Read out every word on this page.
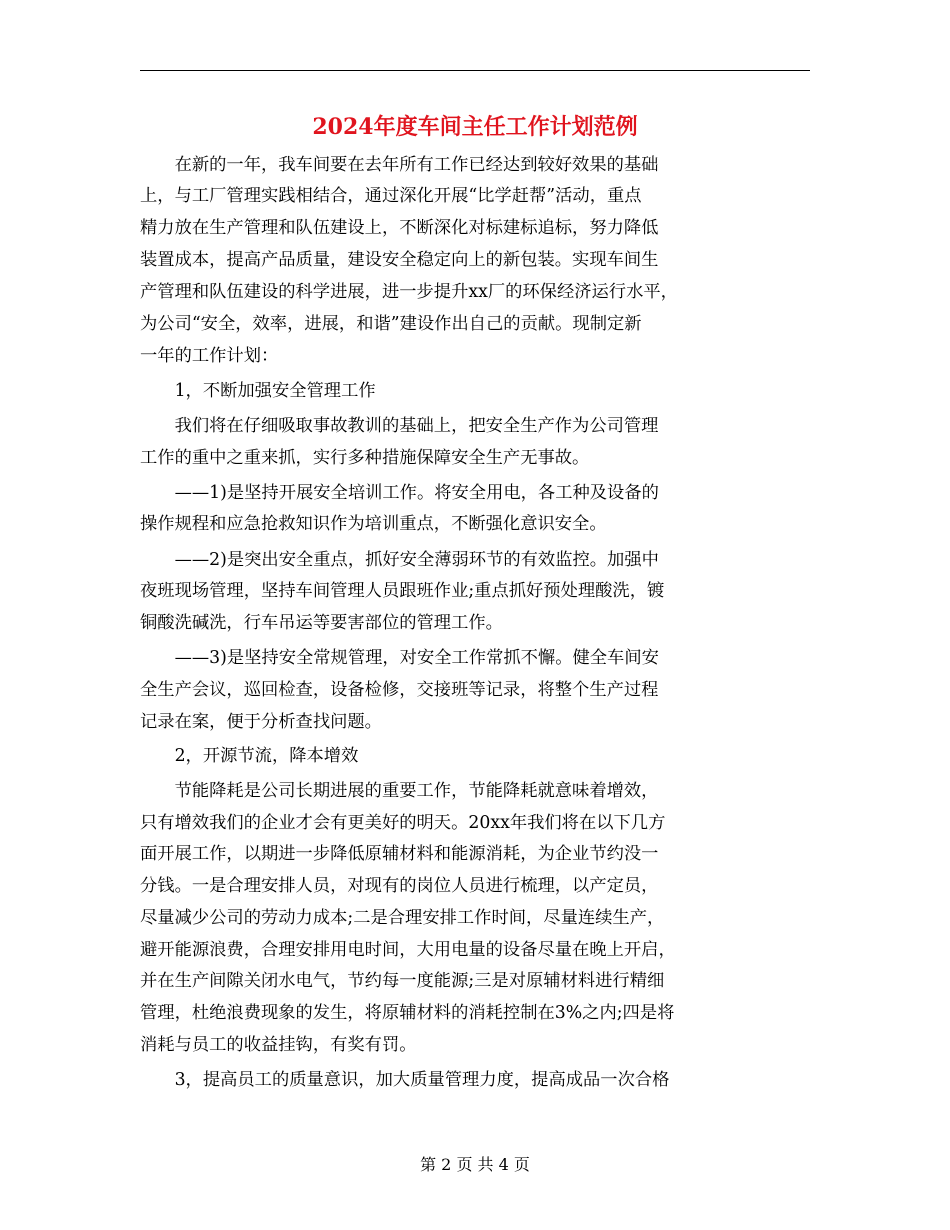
2024年度车间主任工作计划范例
　　在新的一年，我车间要在去年所有工作已经达到较好效果的基础
上，与工厂管理实践相结合，通过深化开展“比学赶帮”活动，重点
精力放在生产管理和队伍建设上，不断深化对标建标追标，努力降低
装置成本，提高产品质量，建设安全稳定向上的新包装。实现车间生
产管理和队伍建设的科学进展，进一步提升xx厂的环保经济运行水平，
为公司“安全，效率，进展，和谐”建设作出自己的贡献。现制定新
一年的工作计划：
　　1，不断加强安全管理工作
　　我们将在仔细吸取事故教训的基础上，把安全生产作为公司管理
工作的重中之重来抓，实行多种措施保障安全生产无事故。
　　——1)是坚持开展安全培训工作。将安全用电，各工种及设备的
操作规程和应急抢救知识作为培训重点，不断强化意识安全。
　　——2)是突出安全重点，抓好安全薄弱环节的有效监控。加强中
夜班现场管理，坚持车间管理人员跟班作业;重点抓好预处理酸洗，镀
铜酸洗碱洗，行车吊运等要害部位的管理工作。
　　——3)是坚持安全常规管理，对安全工作常抓不懈。健全车间安
全生产会议，巡回检查，设备检修，交接班等记录，将整个生产过程
记录在案，便于分析查找问题。
　　2，开源节流，降本增效
　　节能降耗是公司长期进展的重要工作，节能降耗就意味着增效，
只有增效我们的企业才会有更美好的明天。20xx年我们将在以下几方
面开展工作，以期进一步降低原辅材料和能源消耗，为企业节约没一
分钱。一是合理安排人员，对现有的岗位人员进行梳理，以产定员，
尽量减少公司的劳动力成本;二是合理安排工作时间，尽量连续生产，
避开能源浪费，合理安排用电时间，大用电量的设备尽量在晚上开启，
并在生产间隙关闭水电气，节约每一度能源;三是对原辅材料进行精细
管理，杜绝浪费现象的发生，将原辅材料的消耗控制在3%之内;四是将
消耗与员工的收益挂钩，有奖有罚。
　　3，提高员工的质量意识，加大质量管理力度，提高成品一次合格
第 2 页 共 4 页
